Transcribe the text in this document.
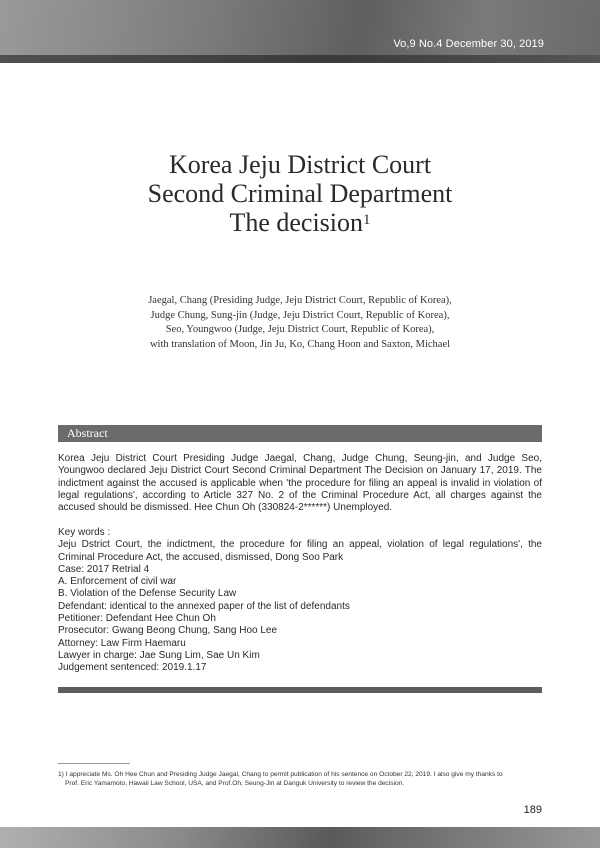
Vo,9 No.4 December 30, 2019
Korea Jeju District Court
Second Criminal Department
The decision$^1$
Jaegal, Chang (Presiding Judge, Jeju District Court, Republic of Korea),
Judge Chung, Sung-jin (Judge, Jeju District Court, Republic of Korea),
Seo, Youngwoo (Judge, Jeju District Court, Republic of Korea),
with translation of Moon, Jin Ju, Ko, Chang Hoon and Saxton, Michael
Abstract
Korea Jeju District Court Presiding Judge Jaegal, Chang, Judge Chung, Seung-jin, and Judge Seo, Youngwoo declared Jeju District Court Second Criminal Department The Decision on January 17, 2019. The indictment against the accused is applicable when 'the procedure for filing an appeal is invalid in violation of legal regulations', according to Article 327 No. 2 of the Criminal Procedure Act, all charges against the accused should be dismissed. Hee Chun Oh (330824-2******) Unemployed.
Key words :
Jeju Dstrict Court, the indictment, the procedure for filing an appeal, violation of legal regulations', the Criminal Procedure Act, the accused, dismissed, Dong Soo Park
Case: 2017 Retrial 4
A. Enforcement of civil war
B. Violation of the Defense Security Law
Defendant: identical to the annexed paper of the list of defendants
Petitioner: Defendant Hee Chun Oh
Prosecutor: Gwang Beong Chung, Sang Hoo Lee
Attorney: Law Firm Haemaru
Lawyer in charge: Jae Sung Lim, Sae Un Kim
Judgement sentenced: 2019.1.17
1) I appreciate Ms. Oh Hee Chun and Presiding Judge Jaegal, Chang to permit publication of his sentence on October 22, 2019. I also give my thanks to
Prof. Eric Yamamoto, Hawaii Law School, USA, and Prof.Oh, Seung-Jin at Danguk University to review the decision.
189
